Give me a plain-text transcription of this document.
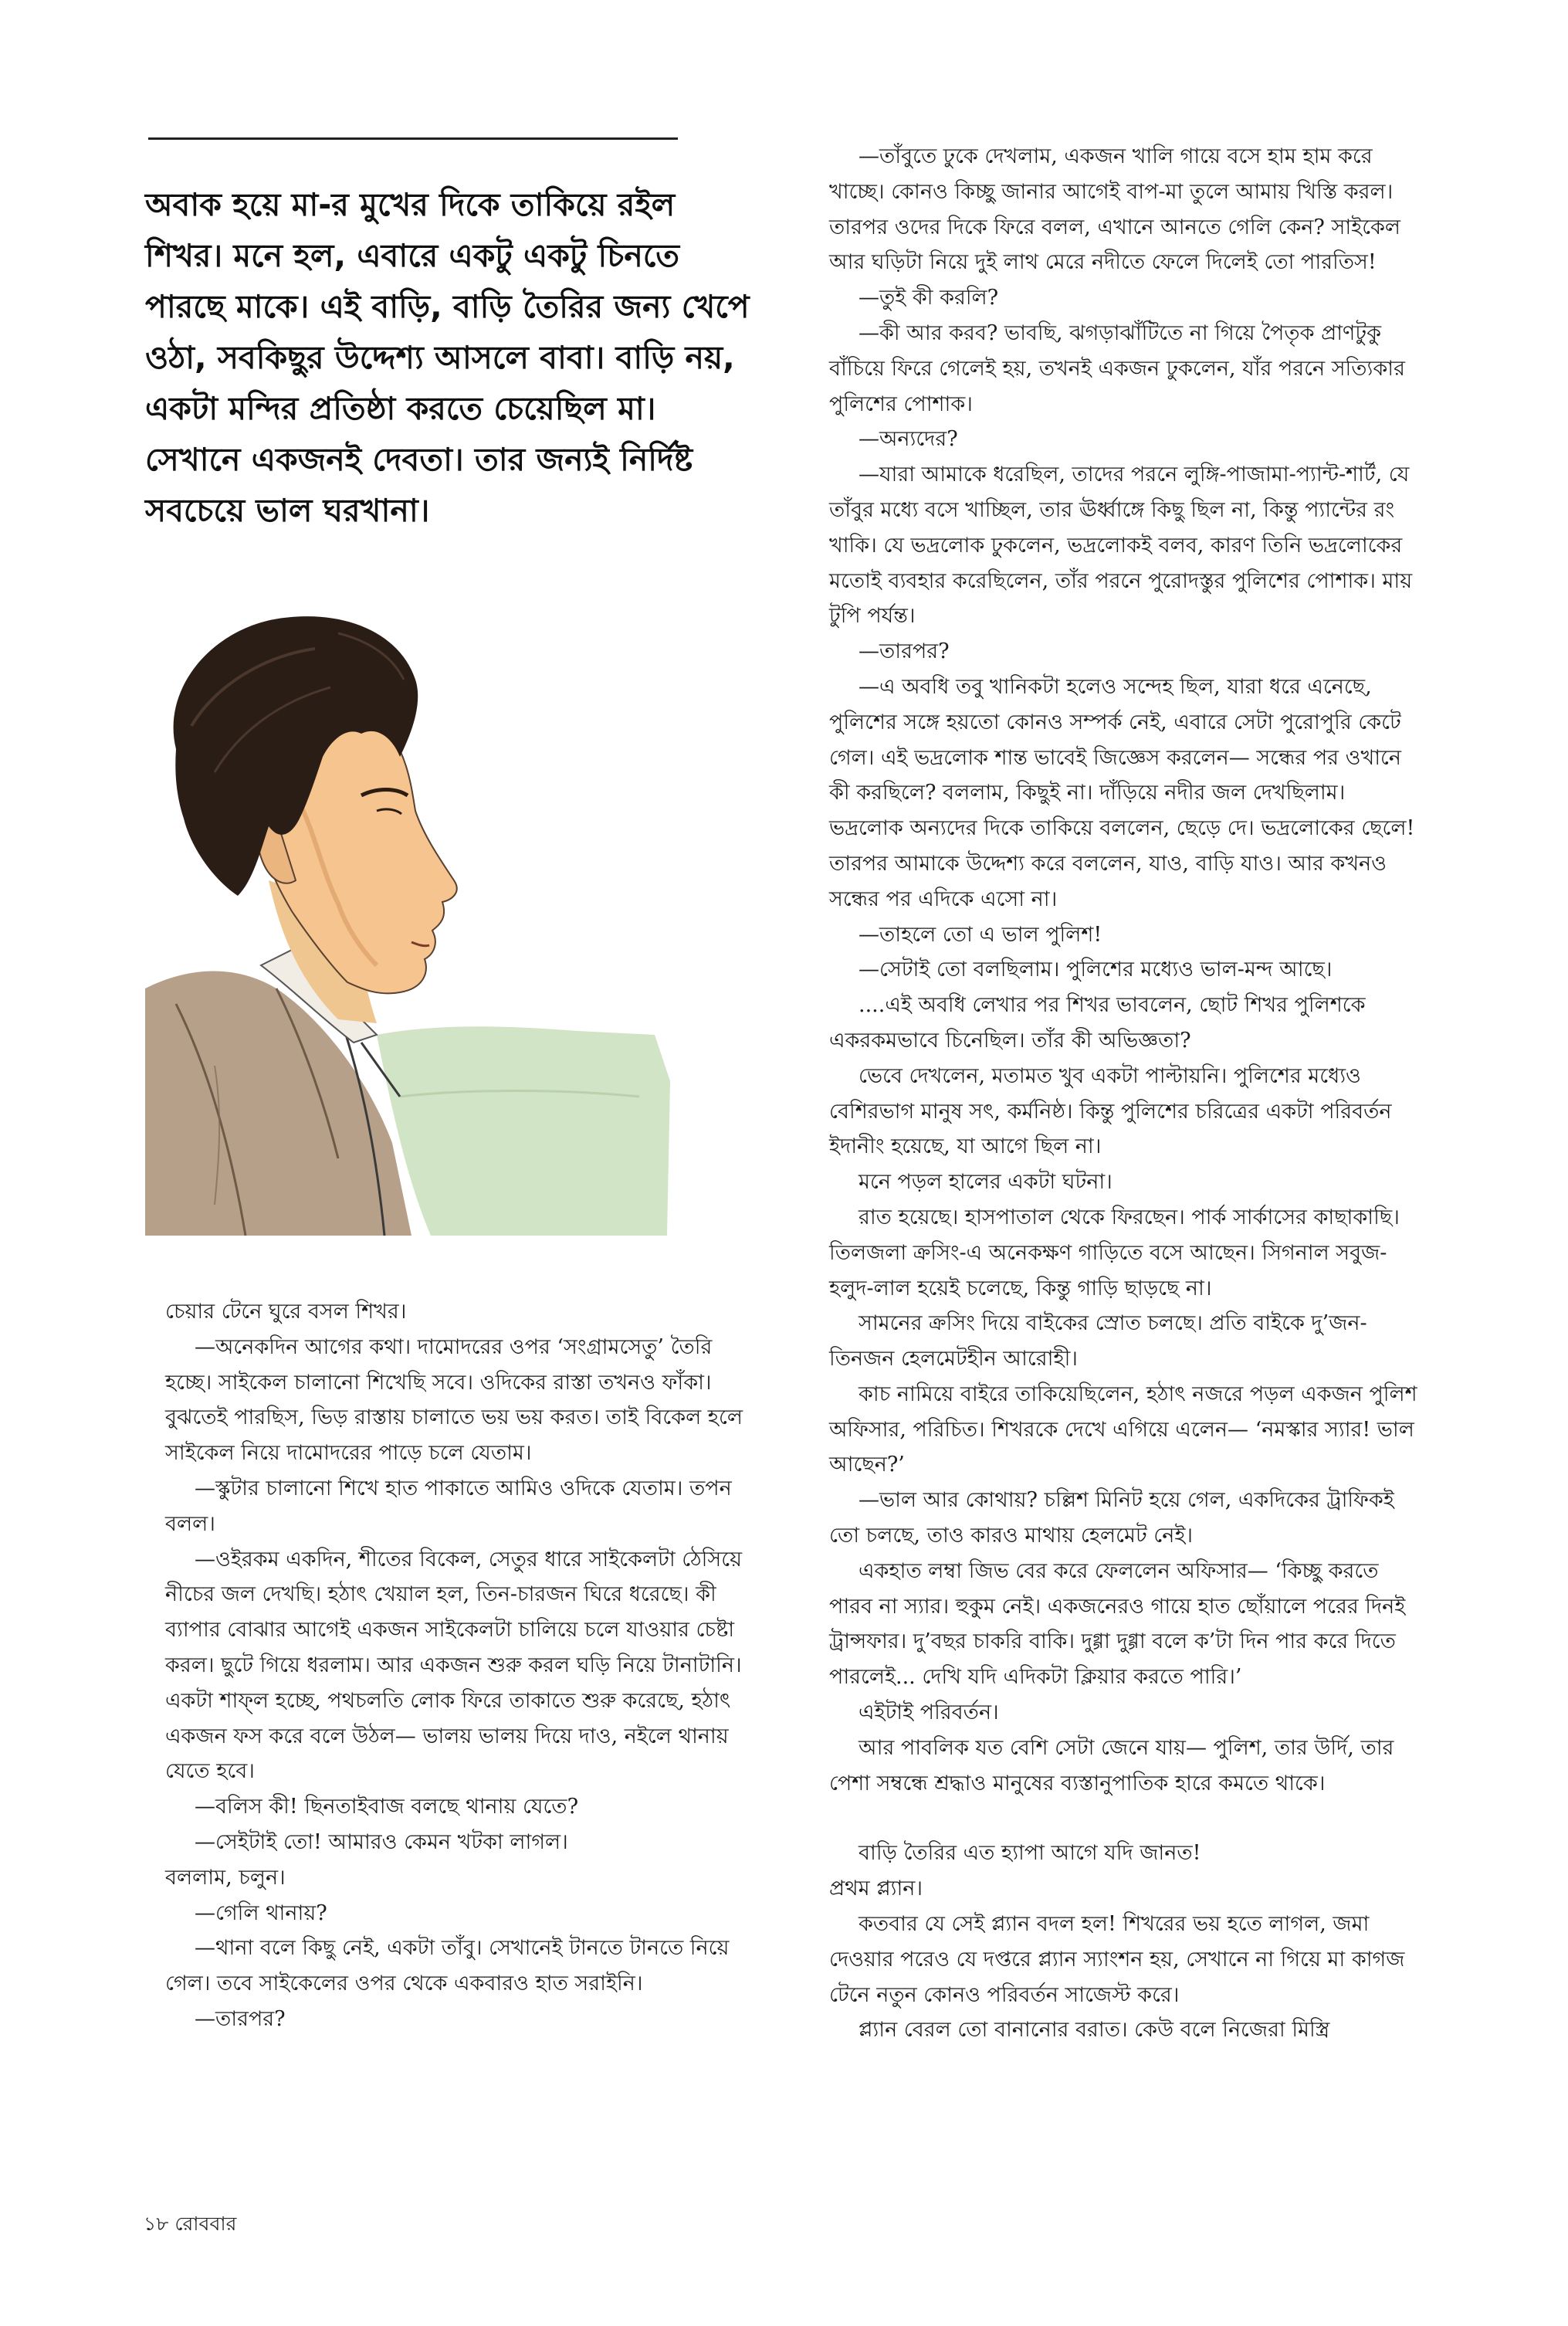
অবাক হয়ে মা-র মুখের দিকে তাকিয়ে রইল শিখর। মনে হল, এবারে একটু একটু চিনতে পারছে মাকে। এই বাড়ি, বাড়ি তৈরির জন্য খেপে ওঠা, সবকিছুর উদ্দেশ্য আসলে বাবা। বাড়ি নয়, একটা মন্দির প্রতিষ্ঠা করতে চেয়েছিল মা। সেখানে একজনই দেবতা। তার জন্যই নির্দিষ্ট সবচেয়ে ভাল ঘরখানা।

চেয়ার টেনে ঘুরে বসল শিখর।

—অনেকদিন আগের কথা। দামোদরের ওপর ‘সংগ্রামসেতু’ তৈরি হচ্ছে। সাইকেল চালানো শিখেছি সবে। ওদিকের রাস্তা তখনও ফাঁকা। বুঝতেই পারছিস, ভিড় রাস্তায় চালাতে ভয় ভয় করত। তাই বিকেল হলে সাইকেল নিয়ে দামোদরের পাড়ে চলে যেতাম।

—স্কুটার চালানো শিখে হাত পাকাতে আমিও ওদিকে যেতাম। তপন বলল।

—ওইরকম একদিন, শীতের বিকেল, সেতুর ধারে সাইকেলটা ঠেসিয়ে নীচের জল দেখছি। হঠাৎ খেয়াল হল, তিন-চারজন ঘিরে ধরেছে। কী ব্যাপার বোঝার আগেই একজন সাইকেলটা চালিয়ে চলে যাওয়ার চেষ্টা করল। ছুটে গিয়ে ধরলাম। আর একজন শুরু করল ঘড়ি নিয়ে টানাটানি। একটা শাফ্‌ল হচ্ছে, পথচলতি লোক ফিরে তাকাতে শুরু করেছে, হঠাৎ একজন ফস করে বলে উঠল— ভালয় ভালয় দিয়ে দাও, নইলে থানায় যেতে হবে।

—বলিস কী! ছিনতাইবাজ বলছে থানায় যেতে?

—সেইটাই তো! আমারও কেমন খটকা লাগল।

বললাম, চলুন।

—গেলি থানায়?

—থানা বলে কিছু নেই, একটা তাঁবু। সেখানেই টানতে টানতে নিয়ে গেল। তবে সাইকেলের ওপর থেকে একবারও হাত সরাইনি।

—তারপর?

—তাঁবুতে ঢুকে দেখলাম, একজন খালি গায়ে বসে হাম হাম করে খাচ্ছে। কোনও কিচ্ছু জানার আগেই বাপ-মা তুলে আমায় খিস্তি করল। তারপর ওদের দিকে ফিরে বলল, এখানে আনতে গেলি কেন? সাইকেল আর ঘড়িটা নিয়ে দুই লাথ মেরে নদীতে ফেলে দিলেই তো পারতিস!

—তুই কী করলি?

—কী আর করব? ভাবছি, ঝগড়াঝাঁটিতে না গিয়ে পৈতৃক প্রাণটুকু বাঁচিয়ে ফিরে গেলেই হয়, তখনই একজন ঢুকলেন, যাঁর পরনে সত্যিকার পুলিশের পোশাক।

—অন্যদের?

—যারা আমাকে ধরেছিল, তাদের পরনে লুঙ্গি-পাজামা-প্যান্ট-শার্ট, যে তাঁবুর মধ্যে বসে খাচ্ছিল, তার ঊর্ধ্বাঙ্গে কিছু ছিল না, কিন্তু প্যান্টের রং খাকি। যে ভদ্রলোক ঢুকলেন, ভদ্রলোকই বলব, কারণ তিনি ভদ্রলোকের মতোই ব্যবহার করেছিলেন, তাঁর পরনে পুরোদস্তুর পুলিশের পোশাক। মায় টুপি পর্যন্ত।

—তারপর?

—এ অবধি তবু খানিকটা হলেও সন্দেহ ছিল, যারা ধরে এনেছে, পুলিশের সঙ্গে হয়তো কোনও সম্পর্ক নেই, এবারে সেটা পুরোপুরি কেটে গেল। এই ভদ্রলোক শান্ত ভাবেই জিজ্ঞেস করলেন— সন্ধের পর ওখানে কী করছিলে? বললাম, কিছুই না। দাঁড়িয়ে নদীর জল দেখছিলাম। ভদ্রলোক অন্যদের দিকে তাকিয়ে বললেন, ছেড়ে দে। ভদ্রলোকের ছেলে! তারপর আমাকে উদ্দেশ্য করে বললেন, যাও, বাড়ি যাও। আর কখনও সন্ধের পর এদিকে এসো না।

—তাহলে তো এ ভাল পুলিশ!

—সেটাই তো বলছিলাম। পুলিশের মধ্যেও ভাল-মন্দ আছে।

....এই অবধি লেখার পর শিখর ভাবলেন, ছোট শিখর পুলিশকে একরকমভাবে চিনেছিল। তাঁর কী অভিজ্ঞতা?

ভেবে দেখলেন, মতামত খুব একটা পাল্টায়নি। পুলিশের মধ্যেও বেশিরভাগ মানুষ সৎ, কর্মনিষ্ঠ। কিন্তু পুলিশের চরিত্রের একটা পরিবর্তন ইদানীং হয়েছে, যা আগে ছিল না।

মনে পড়ল হালের একটা ঘটনা।

রাত হয়েছে। হাসপাতাল থেকে ফিরছেন। পার্ক সার্কাসের কাছাকাছি। তিলজলা ক্রসিং-এ অনেকক্ষণ গাড়িতে বসে আছেন। সিগনাল সবুজ-হলুদ-লাল হয়েই চলেছে, কিন্তু গাড়ি ছাড়ছে না।

সামনের ক্রসিং দিয়ে বাইকের স্রোত চলছে। প্রতি বাইকে দু’জন-তিনজন হেলমেটহীন আরোহী।

কাচ নামিয়ে বাইরে তাকিয়েছিলেন, হঠাৎ নজরে পড়ল একজন পুলিশ অফিসার, পরিচিত। শিখরকে দেখে এগিয়ে এলেন— ‘নমস্কার স্যার! ভাল আছেন?’

—ভাল আর কোথায়? চল্লিশ মিনিট হয়ে গেল, একদিকের ট্রাফিকই তো চলছে, তাও কারও মাথায় হেলমেট নেই।

একহাত লম্বা জিভ বের করে ফেললেন অফিসার— ‘কিচ্ছু করতে পারব না স্যার। হুকুম নেই। একজনেরও গায়ে হাত ছোঁয়ালে পরের দিনই ট্রান্সফার। দু’বছর চাকরি বাকি। দুগ্গা দুগ্গা বলে ক’টা দিন পার করে দিতে পারলেই... দেখি যদি এদিকটা ক্লিয়ার করতে পারি।’

এইটাই পরিবর্তন।

আর পাবলিক যত বেশি সেটা জেনে যায়— পুলিশ, তার উর্দি, তার পেশা সম্বন্ধে শ্রদ্ধাও মানুষের ব্যস্তানুপাতিক হারে কমতে থাকে।

বাড়ি তৈরির এত হ্যাপা আগে যদি জানত!

প্রথম প্ল্যান।

কতবার যে সেই প্ল্যান বদল হল! শিখরের ভয় হতে লাগল, জমা দেওয়ার পরেও যে দপ্তরে প্ল্যান স্যাংশন হয়, সেখানে না গিয়ে মা কাগজ টেনে নতুন কোনও পরিবর্তন সাজেস্ট করে।

প্ল্যান বেরল তো বানানোর বরাত। কেউ বলে নিজেরা মিস্ত্রি

১৮ রোববার
